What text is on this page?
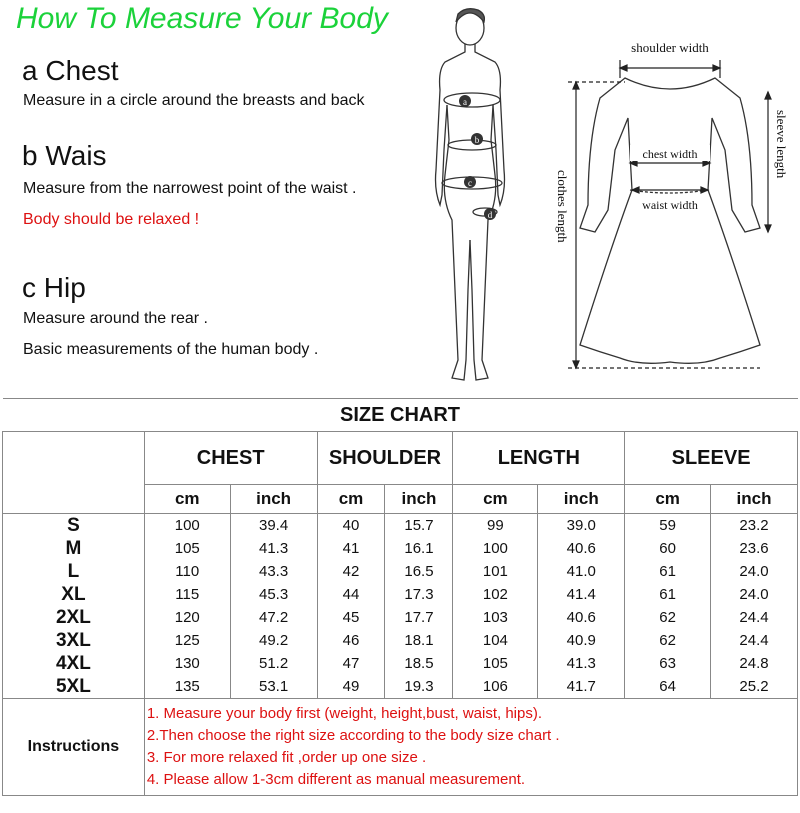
How To Measure Your Body
a Chest
Measure in a circle around the breasts and back
b Wais
Measure from the narrowest point of the waist .
Body should be relaxed !
c Hip
Measure around the rear .
Basic measurements of the human body .
a
b
c
d
shoulder width
chest width
waist width
clothes length
sleeve length
SIZE CHART								
	CHEST		SHOULDER		LENGTH		SLEEVE	
	cm	inch	cm	inch	cm	inch	cm	inch
S	100	39.4	40	15.7	99	39.0	59	23.2
M	105	41.3	41	16.1	100	40.6	60	23.6
L	110	43.3	42	16.5	101	41.0	61	24.0
XL	115	45.3	44	17.3	102	41.4	61	24.0
2XL	120	47.2	45	17.7	103	40.6	62	24.4
3XL	125	49.2	46	18.1	104	40.9	62	24.4
4XL	130	51.2	47	18.5	105	41.3	63	24.8
5XL	135	53.1	49	19.3	106	41.7	64	25.2
Instructions	1. Measure your body first (weight, height,bust, waist, hips).
2.Then choose the right size according to the body size chart .
3. For more relaxed fit ,order up one size .
4. Please allow 1-3cm different as manual measurement.							
